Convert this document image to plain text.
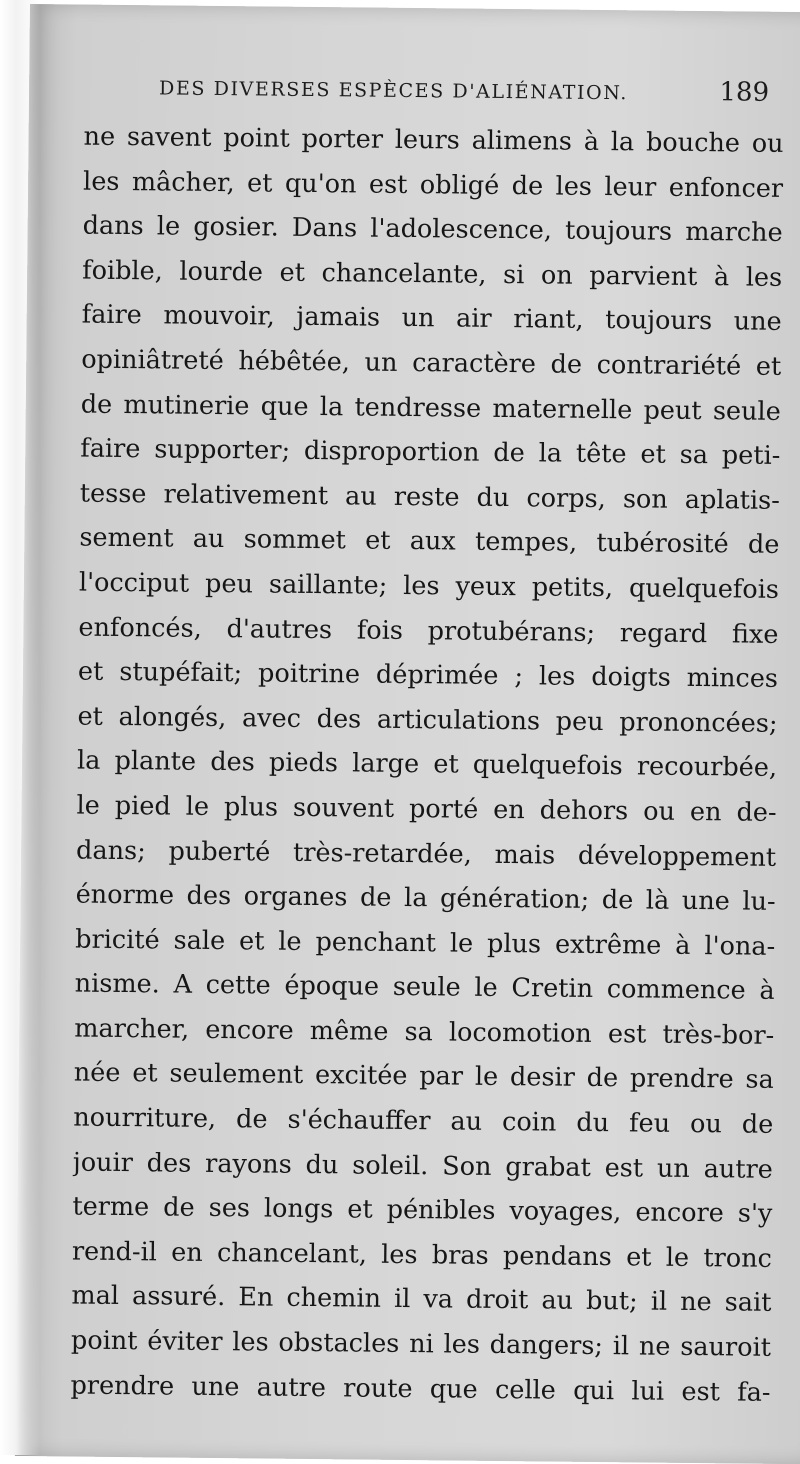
DES DIVERSES ESPÈCES D'ALIÉNATION.	189
ne savent point porter leurs alimens à la bouche ou
les mâcher, et qu'on est obligé de les leur enfoncer
dans le gosier. Dans l'adolescence, toujours marche
foible, lourde et chancelante, si on parvient à les
faire mouvoir, jamais un air riant, toujours une
opiniâtreté hébêtée, un caractère de contrariété et
de mutinerie que la tendresse maternelle peut seule
faire supporter; disproportion de la tête et sa peti-
tesse relativement au reste du corps, son aplatis-
sement au sommet et aux tempes, tubérosité de
l'occiput peu saillante; les yeux petits, quelquefois
enfoncés, d'autres fois protubérans; regard fixe
et stupéfait; poitrine déprimée ; les doigts minces
et alongés, avec des articulations peu prononcées;
la plante des pieds large et quelquefois recourbée,
le pied le plus souvent porté en dehors ou en de-
dans; puberté très-retardée, mais développement
énorme des organes de la génération; de là une lu-
bricité sale et le penchant le plus extrême à l'ona-
nisme. A cette époque seule le Cretin commence à
marcher, encore même sa locomotion est très-bor-
née et seulement excitée par le desir de prendre sa
nourriture, de s'échauffer au coin du feu ou de
jouir des rayons du soleil. Son grabat est un autre
terme de ses longs et pénibles voyages, encore s'y
rend-il en chancelant, les bras pendans et le tronc
mal assuré. En chemin il va droit au but; il ne sait
point éviter les obstacles ni les dangers; il ne sauroit
prendre une autre route que celle qui lui est fa-
